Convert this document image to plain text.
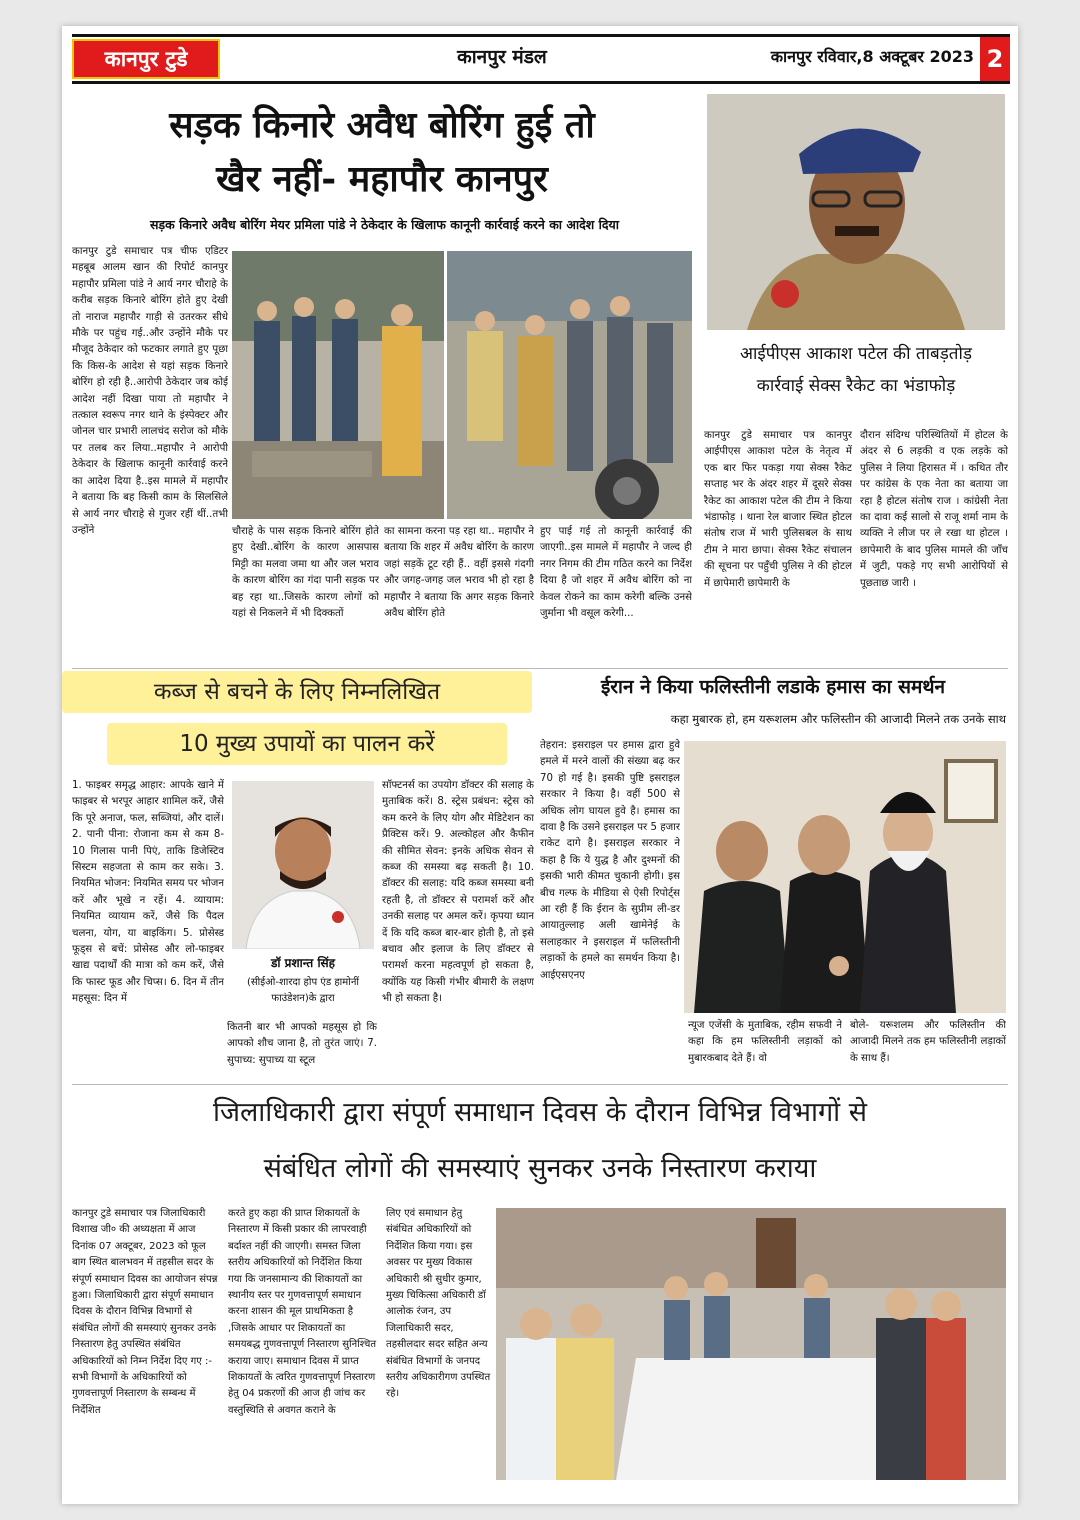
कानपुर टुडे	कानपुर मंडल	कानपुर रविवार,8 अक्टूबर 2023 2
सड़क किनारे अवैध बोरिंग हुई तो
खैर नहीं- महापौर कानपुर
सड़क किनारे अवैध बोरिंग मेयर प्रमिला पांडे ने ठेकेदार के खिलाफ कानूनी कार्रवाई करने का आदेश दिया
कानपुर टुडे समाचार पत्र चीफ एडिटर महबूब आलम खान की रिपोर्ट कानपुर महापौर प्रमिला पांडे ने आर्य नगर चौराहे के करीब सड़क किनारे बोरिंग होते हुए देखी तो नाराज महापौर गाड़ी से उतरकर सीधे मौके पर पहुंच गई..और उन्होंने मौके पर मौजूद ठेकेदार को फटकार लगाते हुए पूछा कि किस-के आदेश से यहां सड़क किनारे बोरिंग हो रही है..आरोपी ठेकेदार जब कोई आदेश नहीं दिखा पाया तो महापौर ने तत्काल स्वरूप नगर थाने के इंस्पेक्टर और जोनल चार प्रभारी लालचंद सरोज को मौके पर तलब कर लिया..महापौर ने आरोपी ठेकेदार के खिलाफ कानूनी कार्रवाई करने का आदेश दिया है..इस मामले में महापौर ने बताया कि बह किसी काम के सिलसिले से आर्य नगर चौराहे से गुजर रहीं थीं..तभी उन्होंने	चौराहे के पास सड़क किनारे बोरिंग होते हुए देखी..बोरिंग के कारण आसपास मिट्टी का मलवा जमा था और जल भराव के कारण बोरिंग का गंदा पानी सड़क पर बह रहा था..जिसके कारण लोगों को यहां से निकलने में भी दिक्कतों
का सामना करना पड़ रहा था.. महापौर ने बताया कि शहर में अवैध बोरिंग के कारण जहां सड़कें टूट रही हैं.. वहीं इससे गंदगी और जगह-जगह जल भराव भी हो रहा है महापौर ने बताया कि अगर सड़क किनारे अवैध बोरिंग होते
हुए पाई गई तो कानूनी कार्रवाई की जाएगी..इस मामले में महापौर ने जल्द ही नगर निगम की टीम गठित करने का निर्देश दिया है जो शहर में अवैध बोरिंग को ना केवल रोकने का काम करेगी बल्कि उनसे जुर्माना भी वसूल करेगी...
आईपीएस आकाश पटेल की ताबड़तोड़
कार्रवाई सेक्स रैकेट का भंडाफोड़
कानपुर टुडे समाचार पत्र कानपुर आईपीएस आकाश पटेल के नेतृत्व में एक बार फिर पकड़ा गया सेक्स रैकेट सप्ताह भर के अंदर शहर में दूसरे सेक्स रैकेट का आकाश पटेल की टीम ने किया भंडाफोड़ । थाना रेल बाजार स्थित होटल संतोष राज में भारी पुलिसबल के साथ टीम ने मारा छापा। सेक्स रैकेट संचालन की सूचना पर पहुँची पुलिस ने की होटल में छापेमारी छापेमारी के
दौरान संदिग्ध परिस्थितियों में होटल के अंदर से 6 लड़की व एक लड़के को पुलिस ने लिया हिरासत में । कथित तौर पर कांग्रेस के एक नेता का बताया जा रहा है होटल संतोष राज । कांग्रेसी नेता का दावा कई सालो से राजू शर्मा नाम के व्यक्ति ने लीज पर ले रखा था होटल । छापेमारी के बाद पुलिस मामले की जाँच में जुटी, पकड़े गए सभी आरोपियों से पूछताछ जारी ।
कब्ज से बचने के लिए निम्नलिखित
10 मुख्य उपायों का पालन करें
1. फाइबर समृद्ध आहार: आपके खाने में फाइबर से भरपूर आहार शामिल करें, जैसे कि पूरे अनाज, फल, सब्जियां, और दालें। 2. पानी पीना: रोजाना कम से कम 8-10 गिलास पानी पिएं, ताकि डिजेस्टिव सिस्टम सहजता से काम कर सके। 3. नियमित भोजन: नियमित समय पर भोजन करें और भूखे न रहें। 4. व्यायाम: नियमित व्यायाम करें, जैसे कि पैदल चलना, योग, या बाइकिंग। 5. प्रोसेस्ड फूड्स से बचें: प्रोसेस्ड और लो-फाइबर खाद्य पदार्थों की मात्रा को कम करें, जैसे कि फास्ट फूड और चिप्स। 6. दिन में तीन महसूस: दिन में
डॉ प्रशान्त सिंह
(सीईओ-शारदा होप एंड हामोनीं फाउंडेशन)के द्वारा
कितनी बार भी आपको महसूस हो कि आपको शौच जाना है, तो तुरंत जाएं। 7. सुपाच्य: सुपाच्य या स्टूल
सॉफ्टनर्स का उपयोग डॉक्टर की सलाह के मुताबिक करें। 8. स्ट्रेस प्रबंधन: स्ट्रेस को कम करने के लिए योग और मेडिटेशन का प्रैक्टिस करें। 9. अल्कोहल और कैफीन की सीमित सेवन: इनके अधिक सेवन से कब्ज की समस्या बढ़ सकती है। 10. डॉक्टर की सलाह: यदि कब्ज समस्या बनी रहती है, तो डॉक्टर से परामर्श करें और उनकी सलाह पर अमल करें। कृपया ध्यान दें कि यदि कब्ज बार-बार होती है, तो इसे बचाव और इलाज के लिए डॉक्टर से परामर्श करना महत्वपूर्ण हो सकता है, क्योंकि यह किसी गंभीर बीमारी के लक्षण भी हो सकता है।
ईरान ने किया फलिस्तीनी लडाके हमास का समर्थन
कहा मुबारक हो, हम यरूशलम और फलिस्तीन की आजादी मिलने तक उनके साथ
तेहरान: इसराइल पर हमास द्वारा हुवे हमले में मरने वालों की संख्या बढ़ कर 70 हो गई है। इसकी पुष्टि इसराइल सरकार ने किया है। वहीं 500 से अधिक लोग घायल हुवे है। हमास का दावा है कि उसने इसराइल पर 5 हजार राकेट दागे है। इसराइल सरकार ने कहा है कि ये युद्ध है और दुश्मनों की इसकी भारी कीमत चुकानी होगी। इस बीच गल्फ के मीडिया से ऐसी रिपोर्ट्स आ रही हैं कि ईरान के सुप्रीम ली-डर आयातुल्लाह अली खामेनेई के सलाहकार ने इसराइल में फलिस्तीनी लड़ाकों के हमले का समर्थन किया है। आईएसएनए
न्यूज एजेंसी के मुताबिक, रहीम सफवी ने कहा कि हम फलिस्तीनी लड़ाकों को मुबारकबाद देते हैं। वो
बोले- यरूशलम और फलिस्तीन की आजादी मिलने तक हम फलिस्तीनी लड़ाकों के साथ हैं।
जिलाधिकारी द्वारा संपूर्ण समाधान दिवस के दौरान विभिन्न विभागों से
संबंधित लोगों की समस्याएं सुनकर उनके निस्तारण कराया
कानपुर टुडे समाचार पत्र जिलाधिकारी विशाख जी० की अध्यक्षता में आज दिनांक 07 अक्टूबर, 2023 को फूल बाग स्थित बालभवन में तहसील सदर के संपूर्ण समाधान दिवस का आयोजन संपन्न हुआ। जिलाधिकारी द्वारा संपूर्ण समाधान दिवस के दौरान विभिन्न विभागों से संबंधित लोगों की समस्याएं सुनकर उनके निस्तारण हेतु उपस्थित संबंधित अधिकारियों को निम्न निर्देश दिए गए :- सभी विभागों के अधिकारियों को गुणवत्तापूर्ण निस्तारण के सम्बन्ध में निर्देशित
करते हुए कहा की प्राप्त शिकायतों के निस्तारण में किसी प्रकार की लापरवाही बर्दाश्त नहीं की जाएगी। समस्त जिला स्तरीय अधिकारियों को निर्देशित किया गया कि जनसामान्य की शिकायतों का स्थानीय स्तर पर गुणवत्तापूर्ण समाधान करना शासन की मूल प्राथमिकता है ,जिसके आधार पर शिकायतों का समयबद्ध गुणवत्तापूर्ण निस्तारण सुनिश्चित कराया जाए। समाधान दिवस में प्राप्त शिकायतों के त्वरित गुणवत्तापूर्ण निस्तारण हेतु 04 प्रकरणों की आज ही जांच कर वस्तुस्थिति से अवगत कराने के
लिए एवं समाधान हेतु संबंधित अधिकारियों को निर्देशित किया गया। इस अवसर पर मुख्य विकास अधिकारी श्री सुधीर कुमार, मुख्य चिकित्सा अधिकारी डॉ आलोक रंजन, उप जिलाधिकारी सदर, तहसीलदार सदर सहित अन्य संबंधित विभागों के जनपद स्तरीय अधिकारीगण उपस्थित रहे।
